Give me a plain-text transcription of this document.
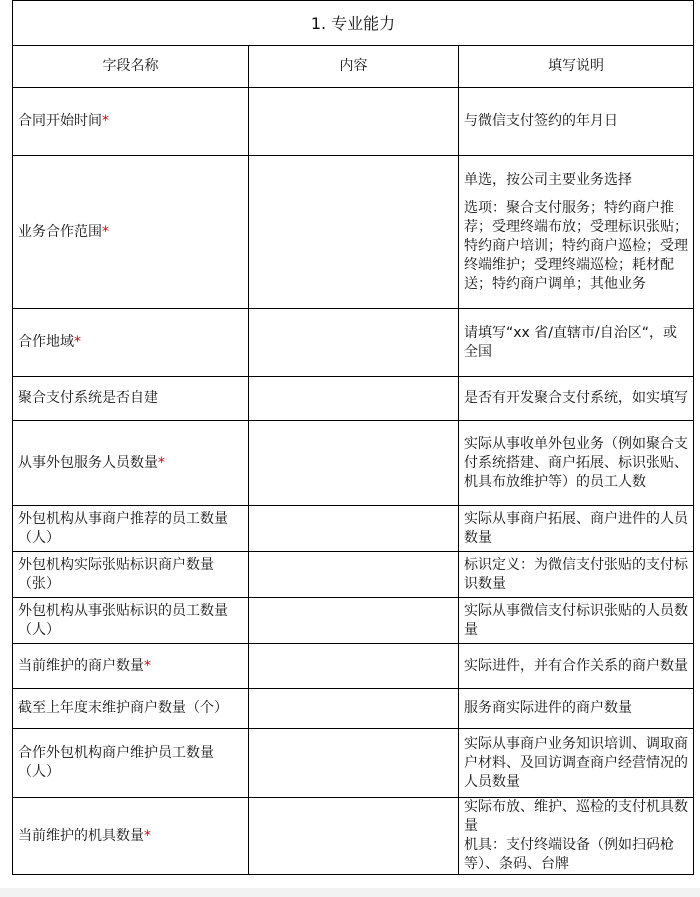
1. 专业能力		
字段名称	内容	填写说明
合同开始时间*		与微信支付签约的年月日

业务合作范围*		单选，按公司主要业务选择
选项：聚合支付服务；特约商户推荐；受理终端布放；受理标识张贴；特约商户培训；特约商户巡检；受理终端维护；受理终端巡检；耗材配送；特约商户调单；其他业务

合作地域*		请填写“xx 省/直辖市/自治区“，或全国

聚合支付系统是否自建		是否有开发聚合支付系统，如实填写

从事外包服务人员数量*		实际从事收单外包业务（例如聚合支付系统搭建、商户拓展、标识张贴、机具布放维护等）的员工人数

外包机构从事商户推荐的员工数量（人）		实际从事商户拓展、商户进件的人员数量

外包机构实际张贴标识商户数量（张）		标识定义：为微信支付张贴的支付标识数量

外包机构从事张贴标识的员工数量（人）		实际从事微信支付标识张贴的人员数量

当前维护的商户数量*		实际进件，并有合作关系的商户数量

截至上年度末维护商户数量（个）		服务商实际进件的商户数量

合作外包机构商户维护员工数量（人）		实际从事商户业务知识培训、调取商户材料、及回访调查商户经营情况的人员数量

当前维护的机具数量*		实际布放、维护、巡检的支付机具数量
机具：支付终端设备（例如扫码枪等）、条码、台牌
